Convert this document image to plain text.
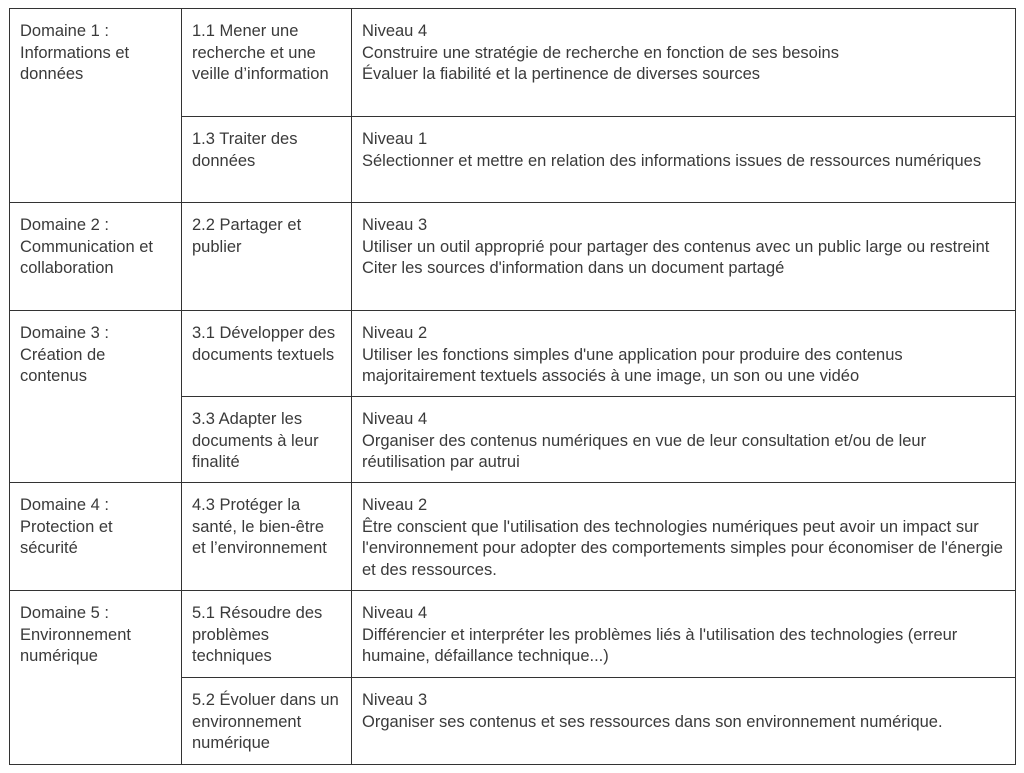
Domaine 1 : Informations et données	1.1 Mener une recherche et une veille d’information	Niveau 4
Construire une stratégie de recherche en fonction de ses besoins
Évaluer la fiabilité et la pertinence de diverses sources

	1.3 Traiter des données	Niveau 1
Sélectionner et mettre en relation des informations issues de ressources numériques

Domaine 2 : Communication et collaboration	2.2 Partager et publier	Niveau 3
Utiliser un outil approprié pour partager des contenus avec un public large ou restreint
Citer les sources d'information dans un document partagé

Domaine 3 : Création de contenus	3.1 Développer des documents textuels	Niveau 2
Utiliser les fonctions simples d'une application pour produire des contenus majoritairement textuels associés à une image, un son ou une vidéo

	3.3 Adapter les documents à leur finalité	Niveau 4
Organiser des contenus numériques en vue de leur consultation et/ou de leur réutilisation par autrui

Domaine 4 : Protection et sécurité	4.3 Protéger la santé, le bien-être et l’environnement	Niveau 2
Être conscient que l'utilisation des technologies numériques peut avoir un impact sur l'environnement pour adopter des comportements simples pour économiser de l'énergie et des ressources.

Domaine 5 : Environnement numérique	5.1 Résoudre des problèmes techniques	Niveau 4
Différencier et interpréter les problèmes liés à l'utilisation des technologies (erreur humaine, défaillance technique...)

	5.2 Évoluer dans un environnement numérique	Niveau 3
Organiser ses contenus et ses ressources dans son environnement numérique.
